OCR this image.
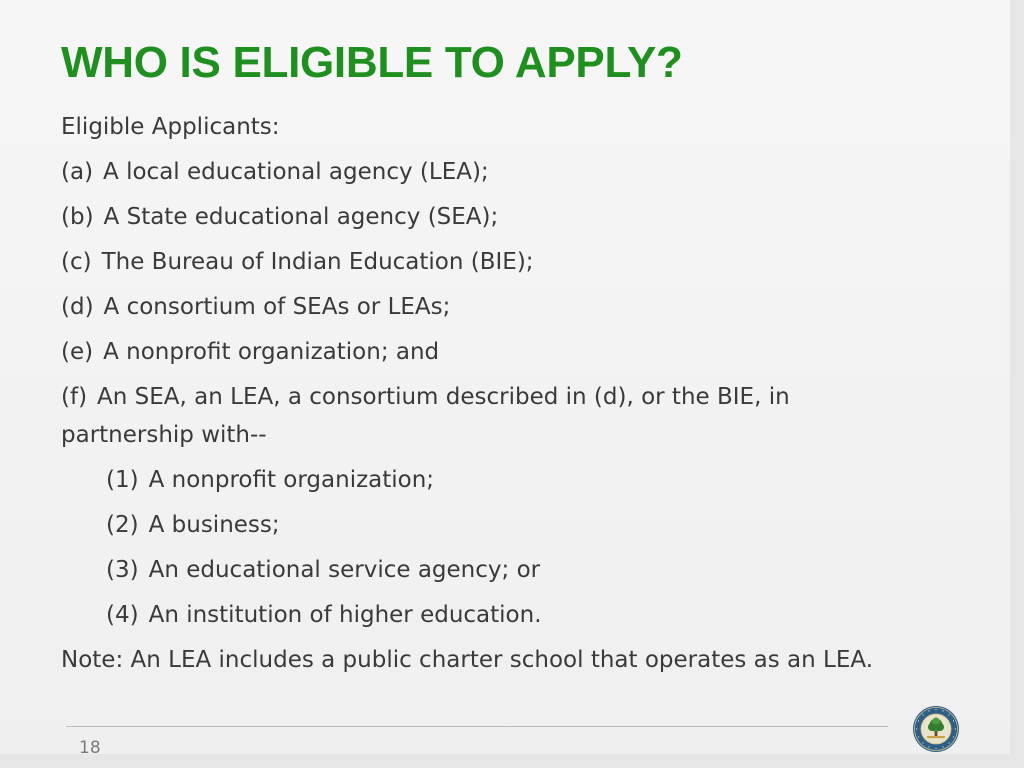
WHO IS ELIGIBLE TO APPLY?
Eligible Applicants:
(a) A local educational agency (LEA);
(b) A State educational agency (SEA);
(c) The Bureau of Indian Education (BIE);
(d) A consortium of SEAs or LEAs;
(e) A nonprofit organization; and
(f) An SEA, an LEA, a consortium described in (d), or the BIE, in
partnership with--
(1) A nonprofit organization;
(2) A business;
(3) An educational service agency; or
(4) An institution of higher education.
Note: An LEA includes a public charter school that operates as an LEA.
18
